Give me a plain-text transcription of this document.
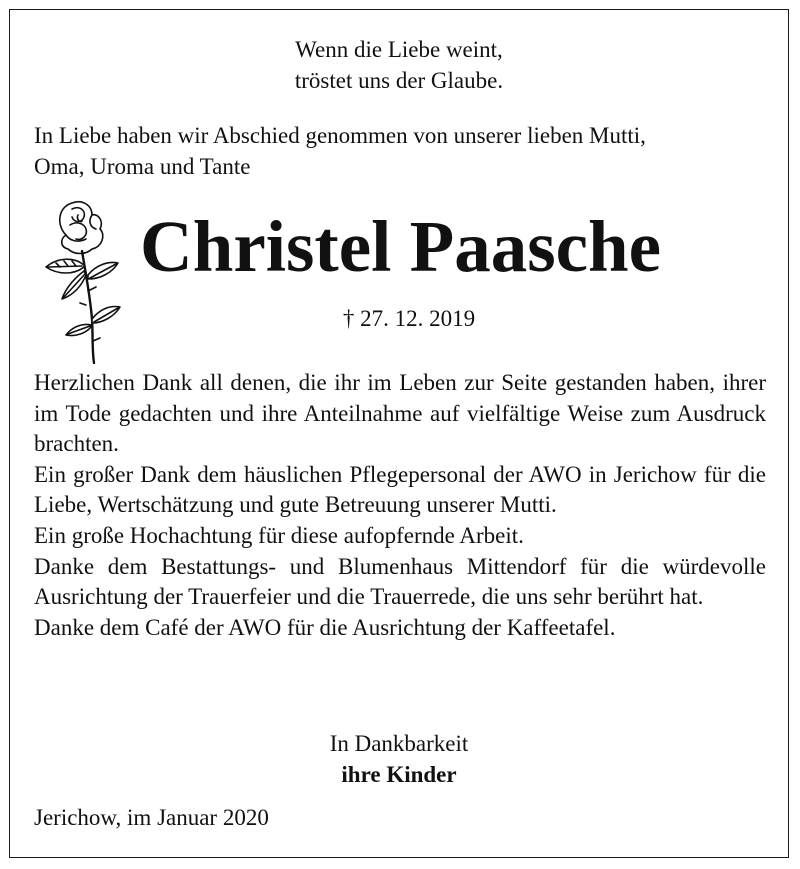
Wenn die Liebe weint,
tröstet uns der Glaube.
In Liebe haben wir Abschied genommen von unserer lieben Mutti,
Oma, Uroma und Tante
Christel Paasche
† 27. 12. 2019

Herzlichen Dank all denen, die ihr im Leben zur Seite gestanden haben, ihrer im Tode gedachten und ihre Anteilnahme auf vielfältige Weise zum Ausdruck brachten.

Ein großer Dank dem häuslichen Pflegepersonal der AWO in Jerichow für die Liebe, Wertschätzung und gute Betreuung unserer Mutti.

Ein große Hochachtung für diese aufopfernde Arbeit.

Danke dem Bestattungs- und Blumenhaus Mittendorf für die würdevolle Ausrichtung der Trauerfeier und die Trauerrede, die uns sehr berührt hat.

Danke dem Café der AWO für die Ausrichtung der Kaffeetafel.

In Dankbarkeit
ihre Kinder
Jerichow, im Januar 2020
